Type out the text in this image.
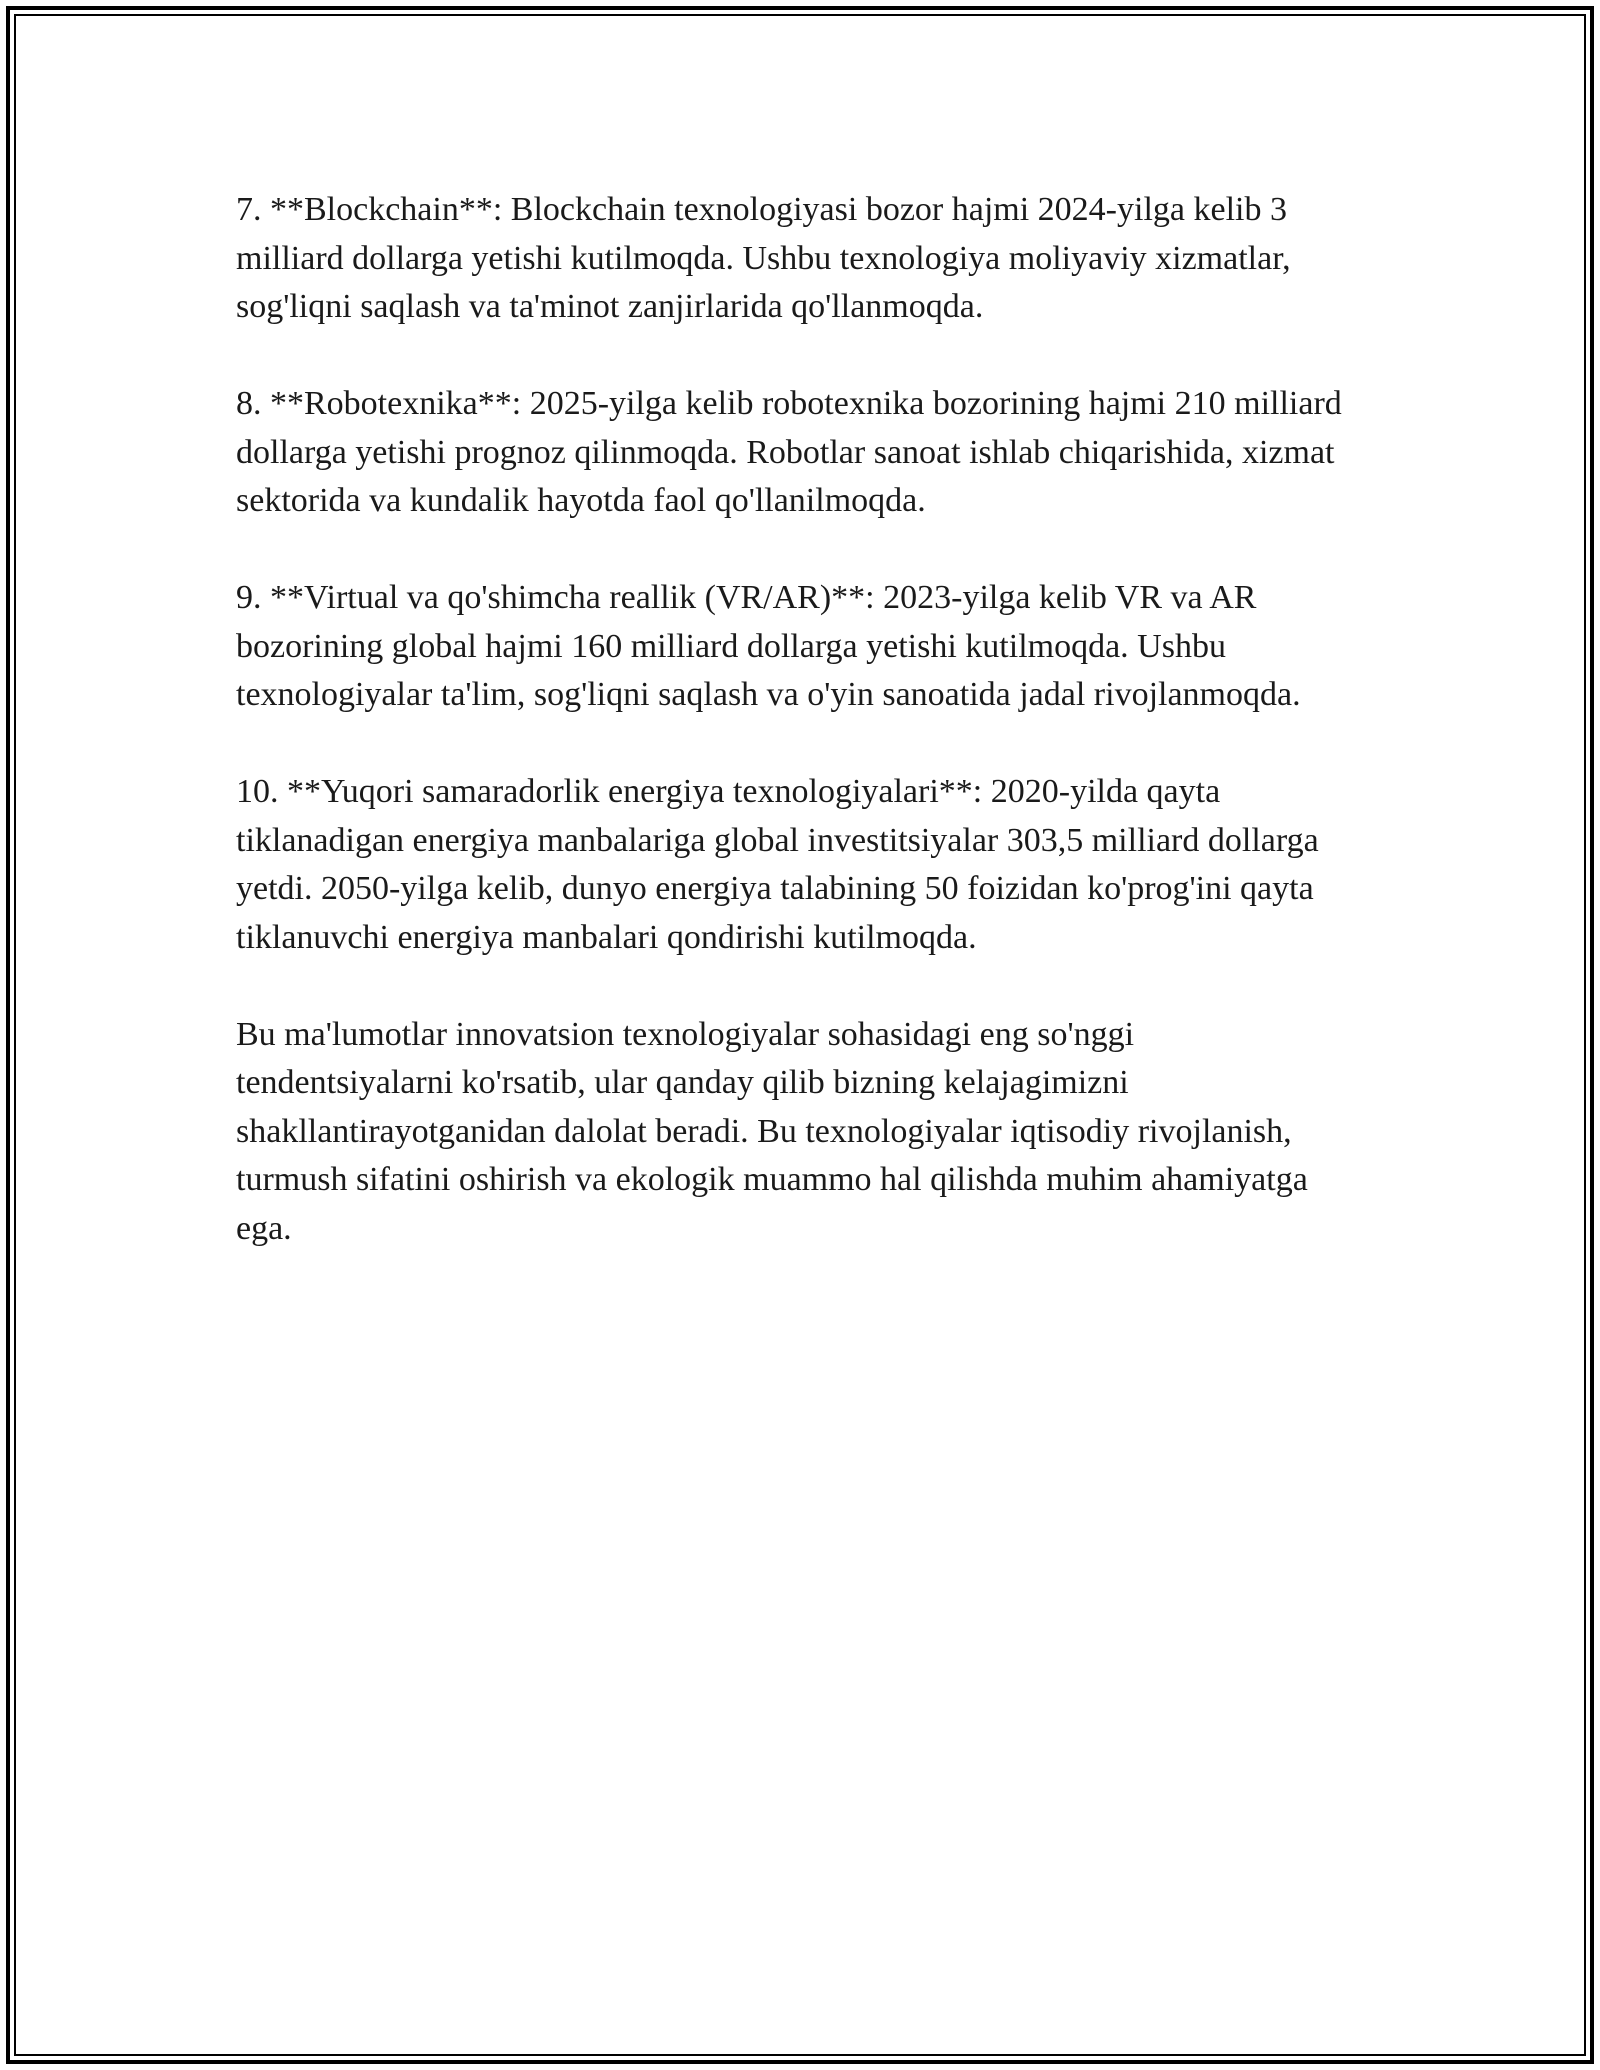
7. **Blockchain**: Blockchain texnologiyasi bozor hajmi 2024-yilga kelib 3 milliard dollarga yetishi kutilmoqda. Ushbu texnologiya moliyaviy xizmatlar, sog'liqni saqlash va ta'minot zanjirlarida qo'llanmoqda.

8. **Robotexnika**: 2025-yilga kelib robotexnika bozorining hajmi 210 milliard dollarga yetishi prognoz qilinmoqda. Robotlar sanoat ishlab chiqarishida, xizmat sektorida va kundalik hayotda faol qo'llanilmoqda.

9. **Virtual va qo'shimcha reallik (VR/AR)**: 2023-yilga kelib VR va AR bozorining global hajmi 160 milliard dollarga yetishi kutilmoqda. Ushbu texnologiyalar ta'lim, sog'liqni saqlash va o'yin sanoatida jadal rivojlanmoqda.

10. **Yuqori samaradorlik energiya texnologiyalari**: 2020-yilda qayta tiklanadigan energiya manbalariga global investitsiyalar 303,5 milliard dollarga yetdi. 2050-yilga kelib, dunyo energiya talabining 50 foizidan ko'prog'ini qayta tiklanuvchi energiya manbalari qondirishi kutilmoqda.

Bu ma'lumotlar innovatsion texnologiyalar sohasidagi eng so'nggi tendentsiyalarni ko'rsatib, ular qanday qilib bizning kelajagimizni shakllantirayotganidan dalolat beradi. Bu texnologiyalar iqtisodiy rivojlanish, turmush sifatini oshirish va ekologik muammo hal qilishda muhim ahamiyatga ega.
